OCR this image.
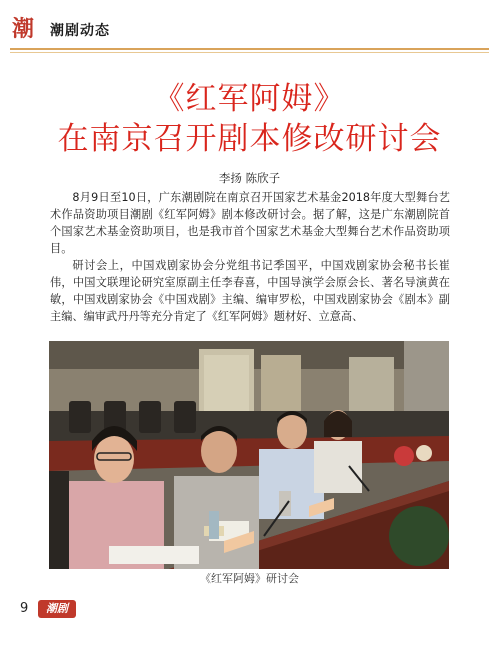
潮 潮剧动态
《红军阿姆》
在南京召开剧本修改研讨会
李扬 陈欣子

8月9日至10日，广东潮剧院在南京召开国家艺术基金2018年度大型舞台艺术作品资助项目潮剧《红军阿姆》剧本修改研讨会。据了解，这是广东潮剧院首个国家艺术基金资助项目，也是我市首个国家艺术基金大型舞台艺术作品资助项目。

研讨会上，中国戏剧家协会分党组书记季国平，中国戏剧家协会秘书长崔伟，中国文联理论研究室原副主任李春喜，中国导演学会原会长、著名导演黄在敏，中国戏剧家协会《中国戏剧》主编、编审罗松，中国戏剧家协会《剧本》副主编、编审武丹丹等充分肯定了《红军阿姆》题材好、立意高、

《红军阿姆》研讨会
9	潮剧
